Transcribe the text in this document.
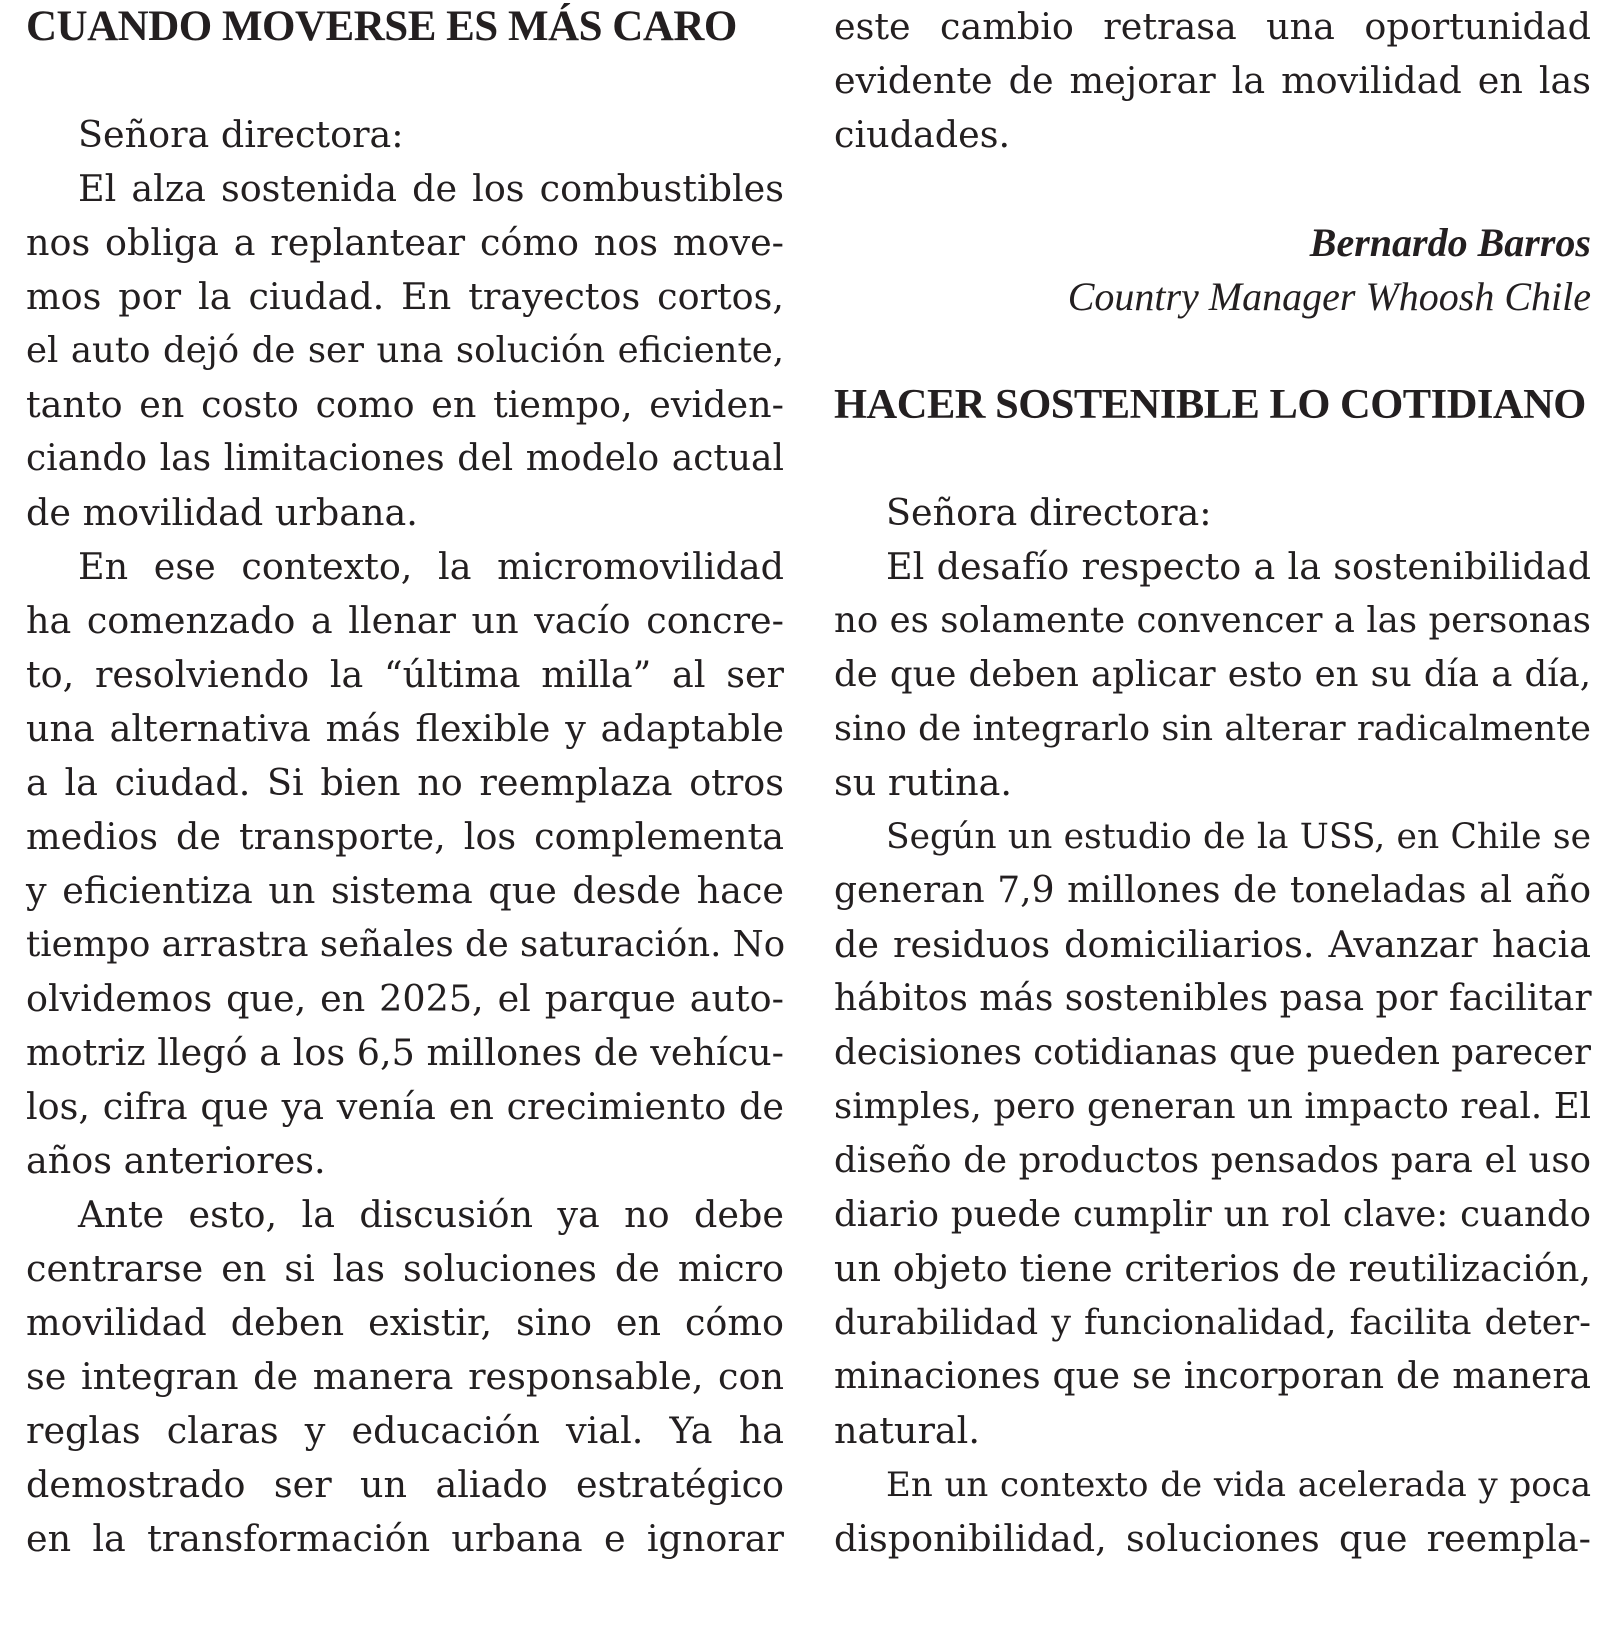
CUANDO MOVERSE ES MÁS CARO
Señora directora:
El alza sostenida de los combustibles
nos obliga a replantear cómo nos move-
mos por la ciudad. En trayectos cortos,
el auto dejó de ser una solución eficiente,
tanto en costo como en tiempo, eviden-
ciando las limitaciones del modelo actual
de movilidad urbana.
En ese contexto, la micromovilidad
ha comenzado a llenar un vacío concre-
to, resolviendo la “última milla” al ser
una alternativa más flexible y adaptable
a la ciudad. Si bien no reemplaza otros
medios de transporte, los complementa
y eficientiza un sistema que desde hace
tiempo arrastra señales de saturación. No
olvidemos que, en 2025, el parque auto-
motriz llegó a los 6,5 millones de vehícu-
los, cifra que ya venía en crecimiento de
años anteriores.
Ante esto, la discusión ya no debe
centrarse en si las soluciones de micro
movilidad deben existir, sino en cómo
se integran de manera responsable, con
reglas claras y educación vial. Ya ha
demostrado ser un aliado estratégico
en la transformación urbana e ignorar
este cambio retrasa una oportunidad
evidente de mejorar la movilidad en las
ciudades.
Bernardo Barros
Country Manager Whoosh Chile
HACER SOSTENIBLE LO COTIDIANO
Señora directora:
El desafío respecto a la sostenibilidad
no es solamente convencer a las personas
de que deben aplicar esto en su día a día,
sino de integrarlo sin alterar radicalmente
su rutina.
Según un estudio de la USS, en Chile se
generan 7,9 millones de toneladas al año
de residuos domiciliarios. Avanzar hacia
hábitos más sostenibles pasa por facilitar
decisiones cotidianas que pueden parecer
simples, pero generan un impacto real. El
diseño de productos pensados para el uso
diario puede cumplir un rol clave: cuando
un objeto tiene criterios de reutilización,
durabilidad y funcionalidad, facilita deter-
minaciones que se incorporan de manera
natural.
En un contexto de vida acelerada y poca
disponibilidad, soluciones que reempla-
